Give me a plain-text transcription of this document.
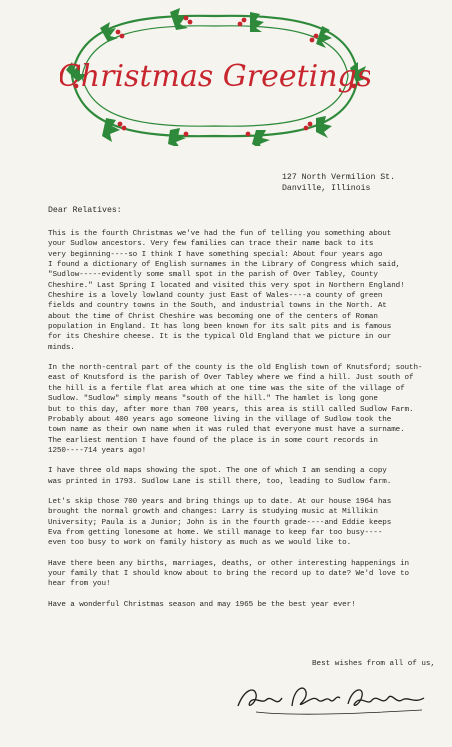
Christmas Greetings
127 North Vermilion St.
Danville, Illinois
Dear Relatives:
This is the fourth Christmas we've had the fun of telling you something about
your Sudlow ancestors. Very few families can trace their name back to its
very beginning----so I think I have something special: About four years ago
I found a dictionary of English surnames in the Library of Congress which said,
"Sudlow-----evidently some small spot in the parish of Over Tabley, County
Cheshire." Last Spring I located and visited this very spot in Northern England!
Cheshire is a lovely lowland county just East of Wales----a county of green
fields and country towns in the South, and industrial towns in the North. At
about the time of Christ Cheshire was becoming one of the centers of Roman
population in England. It has long been known for its salt pits and is famous
for its Cheshire cheese. It is the typical Old England that we picture in our
minds.
In the north-central part of the county is the old English town of Knutsford; south-
east of Knutsford is the parish of Over Tabley where we find a hill. Just south of
the hill is a fertile flat area which at one time was the site of the village of
Sudlow. "Sudlow" simply means "south of the hill." The hamlet is long gone
but to this day, after more than 700 years, this area is still called Sudlow Farm.
Probably about 400 years ago someone living in the village of Sudlow took the
town name as their own name when it was ruled that everyone must have a surname.
The earliest mention I have found of the place is in some court records in
1250----714 years ago!
I have three old maps showing the spot. The one of which I am sending a copy
was printed in 1793. Sudlow Lane is still there, too, leading to Sudlow farm.
Let's skip those 700 years and bring things up to date. At our house 1964 has
brought the normal growth and changes: Larry is studying music at Millikin
University; Paula is a Junior; John is in the fourth grade----and Eddie keeps
Eva from getting lonesome at home. We still manage to keep far too busy----
even too busy to work on family history as much as we would like to.
Have there been any births, marriages, deaths, or other interesting happenings in
your family that I should know about to bring the record up to date? We'd love to
hear from you!
Have a wonderful Christmas season and may 1965 be the best year ever!
Best wishes from all of us,
